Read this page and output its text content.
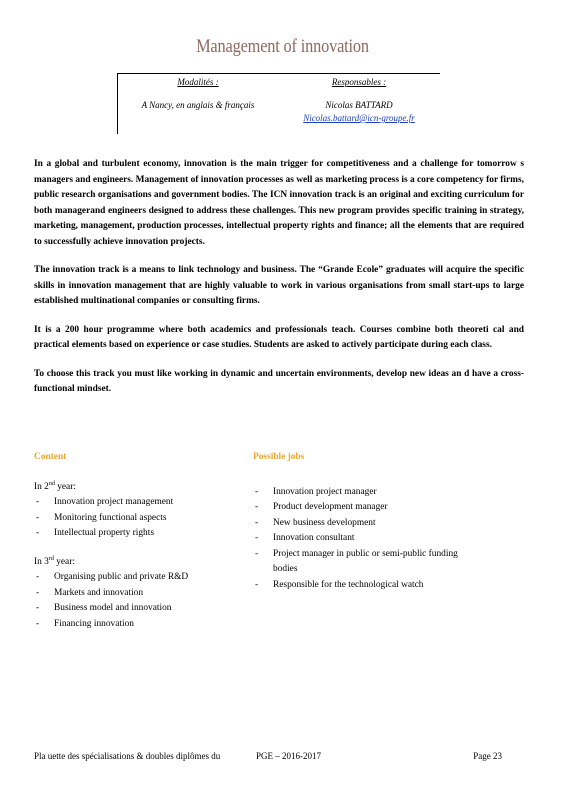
Management of innovation
Modalités :
A Nancy, en anglais & français
Responsables :
Nicolas BATTARD
Nicolas.battard@icn-groupe.fr

In a global and turbulent economy, innovation is the main trigger for competitiveness and a challenge for tomorrow s managers and engineers. Management of innovation processes as well as marketing process is a core competency for firms, public research organisations and government bodies. The ICN innovation track is an original and exciting curriculum for both managerand engineers designed to address these challenges. This new program provides specific training in strategy, marketing, management, production processes, intellectual property rights and finance; all the elements that are required to successfully achieve innovation projects.

The innovation track is a means to link technology and business. The “Grande Ecole” graduates will acquire the specific skills in innovation management that are highly valuable to work in various organisations from small start-ups to large established multinational companies or consulting firms.

It is a 200 hour programme where both academics and professionals teach. Courses combine both theoreti cal and practical elements based on experience or case studies. Students are asked to actively participate during each class.

To choose this track you must like working in dynamic and uncertain environments, develop new ideas an d have a cross-functional mindset.

Content

In 2nd year:

- Innovation project management
- Monitoring functional aspects
- Intellectual property rights

In 3rd year:

- Organising public and private R&D
- Markets and innovation
- Business model and innovation
- Financing innovation
Possible jobs
- Innovation project manager
- Product development manager
- New business development
- Innovation consultant
- Project manager in public or semi-public funding bodies
- Responsible for the technological watch
Pla uette des spécialisations & doubles diplômes du	PGE – 2016-2017	Page 23
